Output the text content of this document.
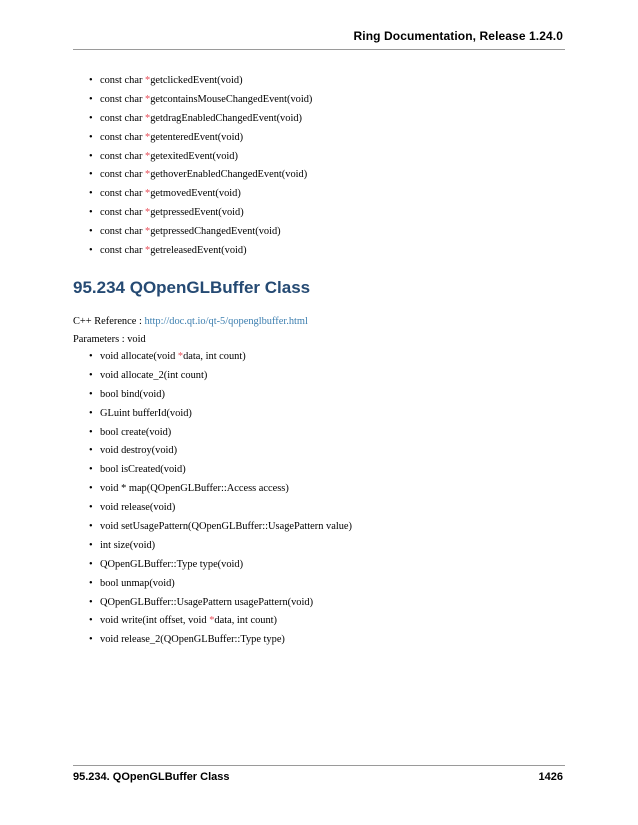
Ring Documentation, Release 1.24.0
• const char *getclickedEvent(void)
• const char *getcontainsMouseChangedEvent(void)
• const char *getdragEnabledChangedEvent(void)
• const char *getenteredEvent(void)
• const char *getexitedEvent(void)
• const char *gethoverEnabledChangedEvent(void)
• const char *getmovedEvent(void)
• const char *getpressedEvent(void)
• const char *getpressedChangedEvent(void)
• const char *getreleasedEvent(void)
95.234 QOpenGLBuffer Class
C++ Reference : http://doc.qt.io/qt-5/qopenglbuffer.html
Parameters : void
• void allocate(void *data, int count)
• void allocate_2(int count)
• bool bind(void)
• GLuint bufferId(void)
• bool create(void)
• void destroy(void)
• bool isCreated(void)
• void * map(QOpenGLBuffer::Access access)
• void release(void)
• void setUsagePattern(QOpenGLBuffer::UsagePattern value)
• int size(void)
• QOpenGLBuffer::Type type(void)
• bool unmap(void)
• QOpenGLBuffer::UsagePattern usagePattern(void)
• void write(int offset, void *data, int count)
• void release_2(QOpenGLBuffer::Type type)
95.234. QOpenGLBuffer Class	1426
